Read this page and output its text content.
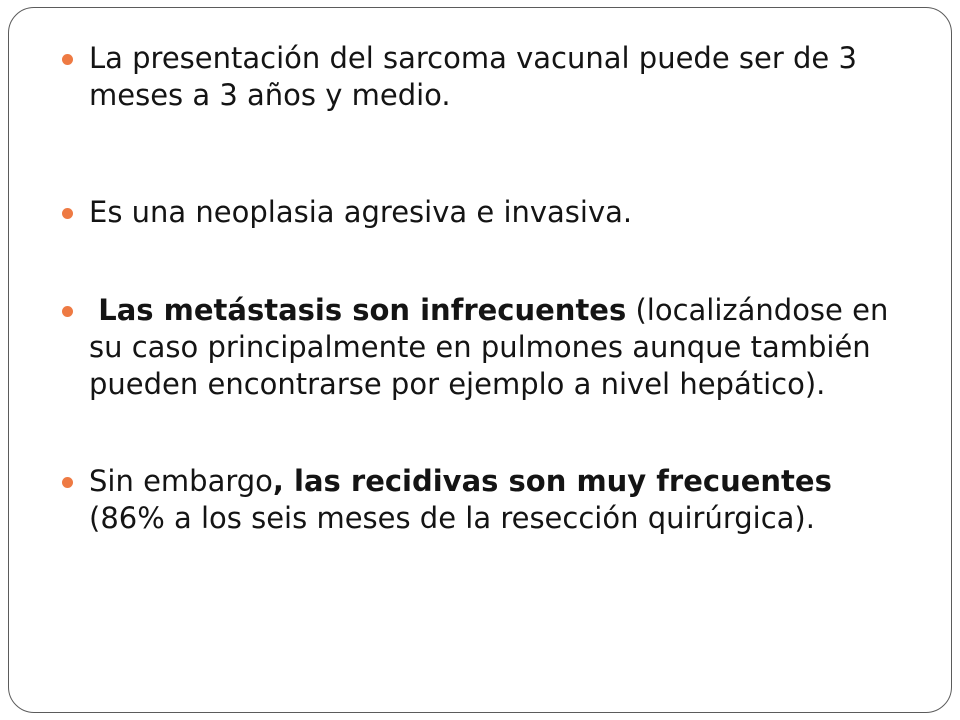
La presentación del sarcoma vacunal puede ser de 3 meses a 3 años y medio.
Es una neoplasia agresiva e invasiva.
Las metástasis son infrecuentes (localizándose en su caso principalmente en pulmones aunque también pueden encontrarse por ejemplo a nivel hepático).
Sin embargo, las recidivas son muy frecuentes (86% a los seis meses de la resección quirúrgica).
